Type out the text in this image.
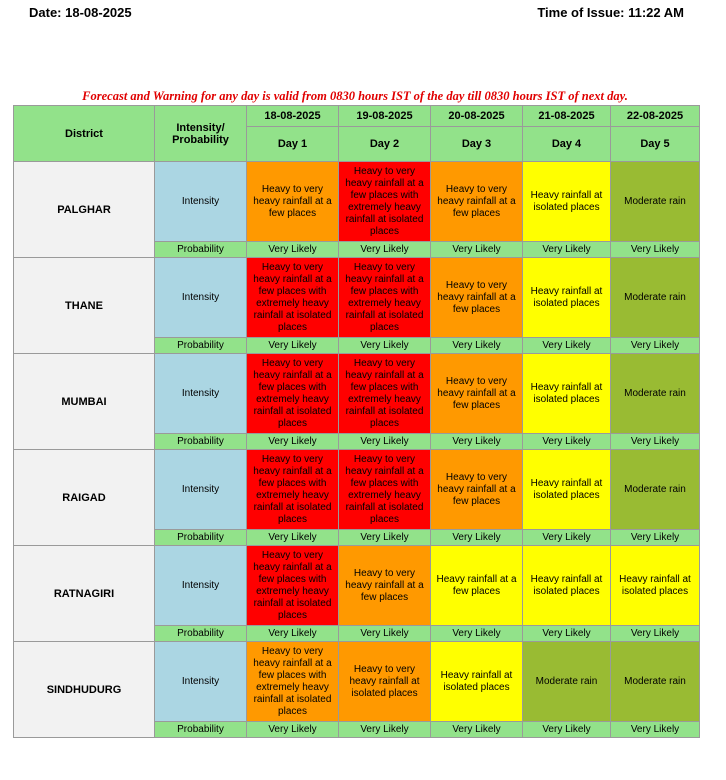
Date: 18-08-2025	Time of Issue: 11:22 AM
Forecast and Warning for any day is valid from 0830 hours IST of the day till 0830 hours IST of next day.
District	Intensity/ Probability	18-08-2025	19-08-2025	20-08-2025	21-08-2025	22-08-2025
		Day 1	Day 2	Day 3	Day 4	Day 5
PALGHAR	Intensity	Heavy to very heavy rainfall at a few places	Heavy to very heavy rainfall at a few places with extremely heavy rainfall at isolated places	Heavy to very heavy rainfall at a few places	Heavy rainfall at isolated places	Moderate rain
	Probability	Very Likely	Very Likely	Very Likely	Very Likely	Very Likely
THANE	Intensity	Heavy to very heavy rainfall at a few places with extremely heavy rainfall at isolated places	Heavy to very heavy rainfall at a few places with extremely heavy rainfall at isolated places	Heavy to very heavy rainfall at a few places	Heavy rainfall at isolated places	Moderate rain
	Probability	Very Likely	Very Likely	Very Likely	Very Likely	Very Likely
MUMBAI	Intensity	Heavy to very heavy rainfall at a few places with extremely heavy rainfall at isolated places	Heavy to very heavy rainfall at a few places with extremely heavy rainfall at isolated places	Heavy to very heavy rainfall at a few places	Heavy rainfall at isolated places	Moderate rain
	Probability	Very Likely	Very Likely	Very Likely	Very Likely	Very Likely
RAIGAD	Intensity	Heavy to very heavy rainfall at a few places with extremely heavy rainfall at isolated places	Heavy to very heavy rainfall at a few places with extremely heavy rainfall at isolated places	Heavy to very heavy rainfall at a few places	Heavy rainfall at isolated places	Moderate rain
	Probability	Very Likely	Very Likely	Very Likely	Very Likely	Very Likely
RATNAGIRI	Intensity	Heavy to very heavy rainfall at a few places with extremely heavy rainfall at isolated places	Heavy to very heavy rainfall at a few places	Heavy rainfall at a few places	Heavy rainfall at isolated places	Heavy rainfall at isolated places
	Probability	Very Likely	Very Likely	Very Likely	Very Likely	Very Likely
SINDHUDURG	Intensity	Heavy to very heavy rainfall at a few places with extremely heavy rainfall at isolated places	Heavy to very heavy rainfall at isolated places	Heavy rainfall at isolated places	Moderate rain	Moderate rain
	Probability	Very Likely	Very Likely	Very Likely	Very Likely	Very Likely
